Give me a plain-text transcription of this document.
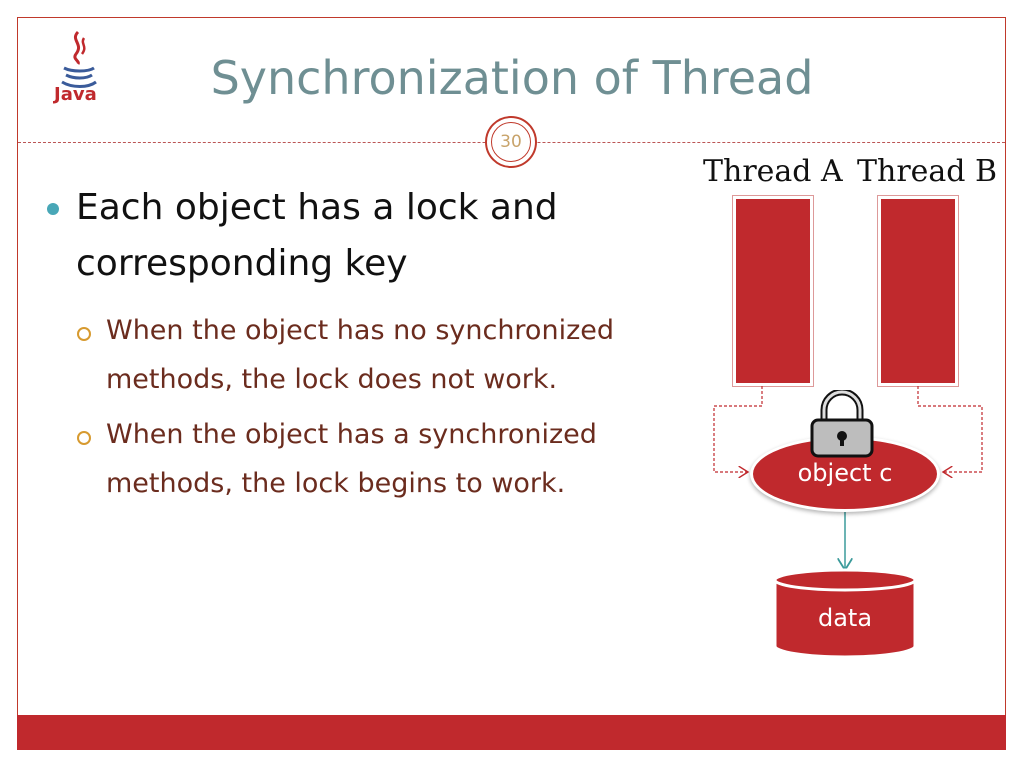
Java	Synchronization of Thread
30
Each object has a lock and corresponding key
When the object has no synchronized methods, the lock does not work.
When the object has a synchronized methods, the lock begins to work.
Thread A Thread B
object c
data
